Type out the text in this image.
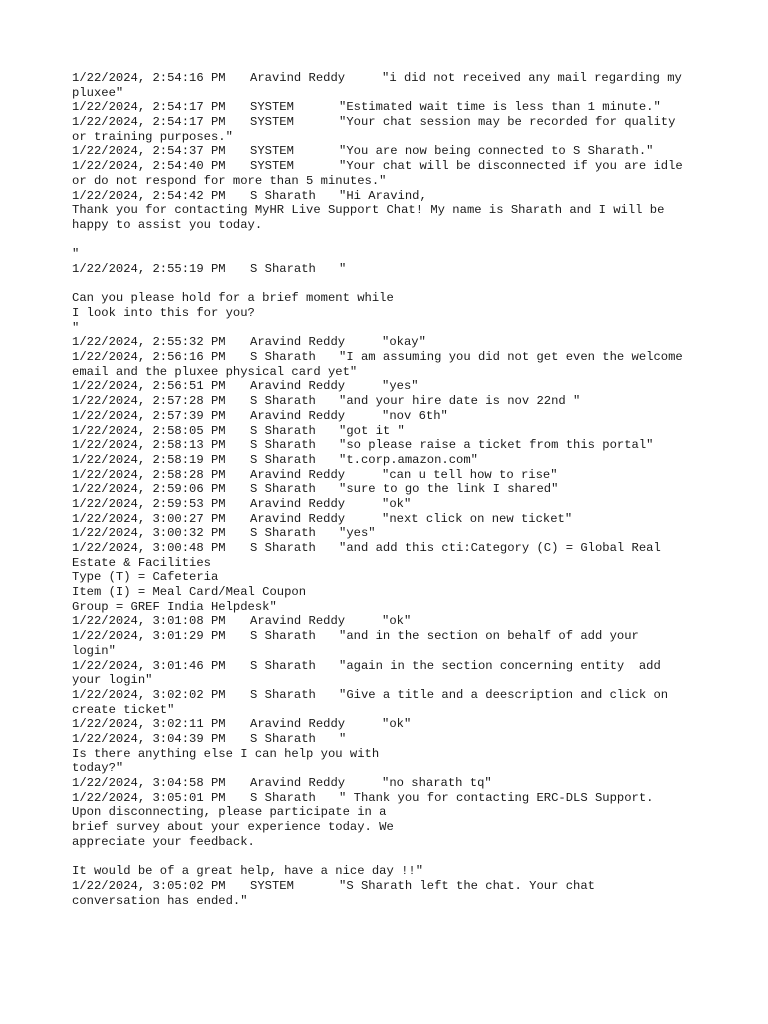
1/22/2024, 2:54:16 PM Aravind Reddy	"i did not received any mail regarding my
pluxee"
1/22/2024, 2:54:17 PM SYSTEM	"Estimated wait time is less than 1 minute."
1/22/2024, 2:54:17 PM SYSTEM	"Your chat session may be recorded for quality
or training purposes."
1/22/2024, 2:54:37 PM SYSTEM	"You are now being connected to S Sharath."
1/22/2024, 2:54:40 PM SYSTEM	"Your chat will be disconnected if you are idle
or do not respond for more than 5 minutes."
1/22/2024, 2:54:42 PM S Sharath "Hi Aravind,
Thank you for contacting MyHR Live Support Chat! My name is Sharath and I will be
happy to assist you today.
"
1/22/2024, 2:55:19 PM S Sharath "
Can you please hold for a brief moment while
I look into this for you?
"
1/22/2024, 2:55:32 PM Aravind Reddy	"okay"
1/22/2024, 2:56:16 PM S Sharath "I am assuming you did not get even the welcome
email and the pluxee physical card yet"
1/22/2024, 2:56:51 PM Aravind Reddy	"yes"
1/22/2024, 2:57:28 PM S Sharath "and your hire date is nov 22nd "
1/22/2024, 2:57:39 PM Aravind Reddy	"nov 6th"
1/22/2024, 2:58:05 PM S Sharath "got it "
1/22/2024, 2:58:13 PM S Sharath "so please raise a ticket from this portal"
1/22/2024, 2:58:19 PM S Sharath "t.corp.amazon.com"
1/22/2024, 2:58:28 PM Aravind Reddy	"can u tell how to rise"
1/22/2024, 2:59:06 PM S Sharath "sure to go the link I shared"
1/22/2024, 2:59:53 PM Aravind Reddy	"ok"
1/22/2024, 3:00:27 PM Aravind Reddy	"next click on new ticket"
1/22/2024, 3:00:32 PM S Sharath "yes"
1/22/2024, 3:00:48 PM S Sharath "and add this cti:Category (C) = Global Real
Estate & Facilities
Type (T) = Cafeteria
Item (I) = Meal Card/Meal Coupon
Group = GREF India Helpdesk"
1/22/2024, 3:01:08 PM Aravind Reddy	"ok"
1/22/2024, 3:01:29 PM S Sharath "and in the section on behalf of add your
login"
1/22/2024, 3:01:46 PM S Sharath "again in the section concerning entity  add
your login"
1/22/2024, 3:02:02 PM S Sharath "Give a title and a deescription and click on
create ticket"
1/22/2024, 3:02:11 PM Aravind Reddy	"ok"
1/22/2024, 3:04:39 PM S Sharath "
Is there anything else I can help you with
today?"
1/22/2024, 3:04:58 PM Aravind Reddy	"no sharath tq"
1/22/2024, 3:05:01 PM S Sharath " Thank you for contacting ERC-DLS Support.
Upon disconnecting, please participate in a
brief survey about your experience today. We
appreciate your feedback.
It would be of a great help, have a nice day !!"
1/22/2024, 3:05:02 PM SYSTEM	"S Sharath left the chat. Your chat
conversation has ended."
